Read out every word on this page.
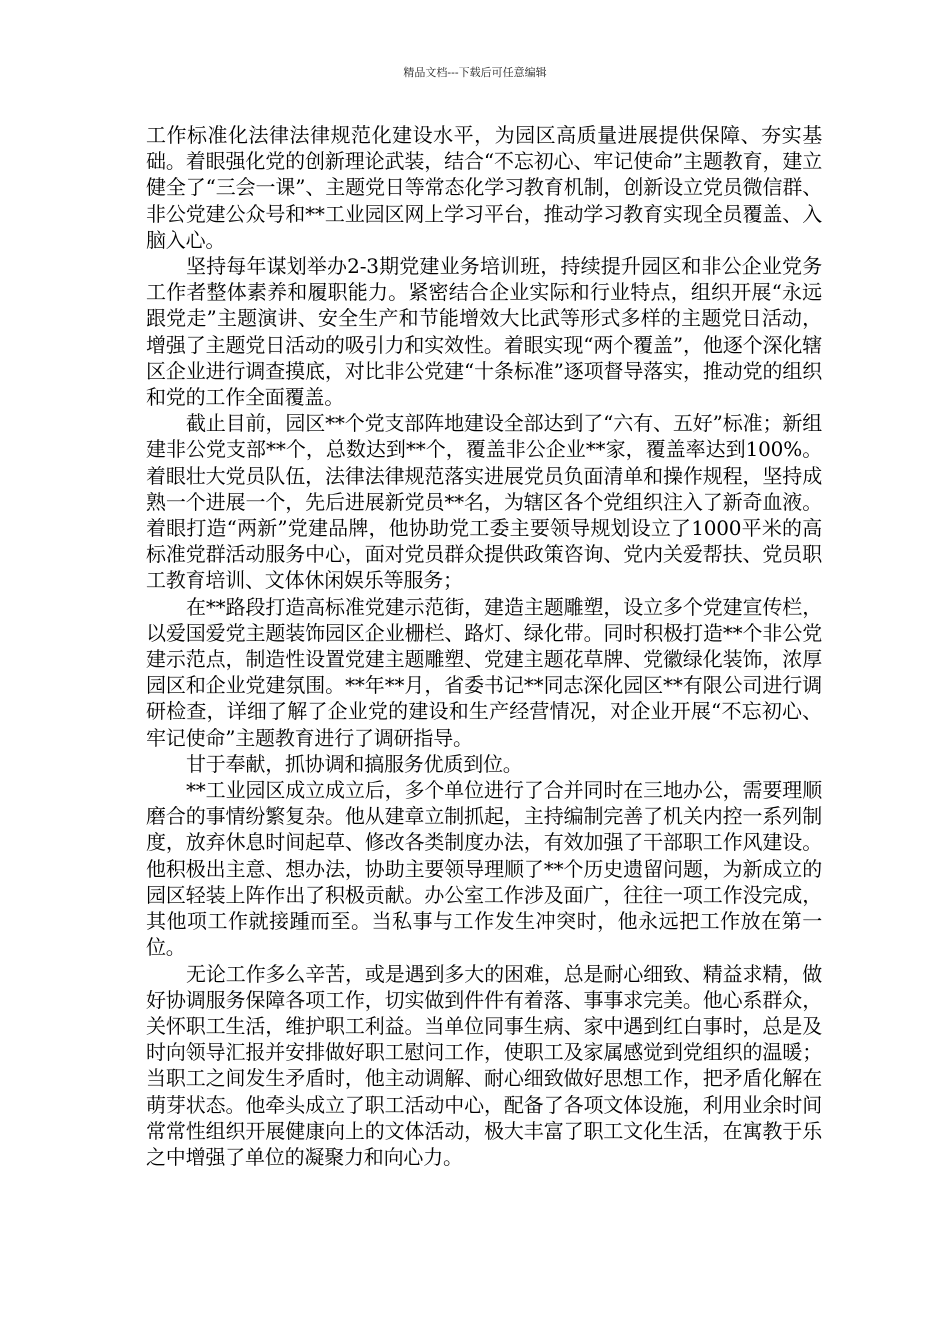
精品文档---下载后可任意编辑

工作标准化法律法律规范化建设水平，为园区高质量进展提供保障、夯实基础。着眼强化党的创新理论武装，结合“不忘初心、牢记使命”主题教育，建立健全了“三会一课”、主题党日等常态化学习教育机制，创新设立党员微信群、非公党建公众号和**工业园区网上学习平台，推动学习教育实现全员覆盖、入脑入心。

坚持每年谋划举办2-3期党建业务培训班，持续提升园区和非公企业党务工作者整体素养和履职能力。紧密结合企业实际和行业特点，组织开展“永远跟党走”主题演讲、安全生产和节能增效大比武等形式多样的主题党日活动，增强了主题党日活动的吸引力和实效性。着眼实现“两个覆盖”，他逐个深化辖区企业进行调查摸底，对比非公党建“十条标准”逐项督导落实，推动党的组织和党的工作全面覆盖。

截止目前，园区**个党支部阵地建设全部达到了“六有、五好”标准；新组建非公党支部**个，总数达到**个，覆盖非公企业**家，覆盖率达到100%。着眼壮大党员队伍，法律法律规范落实进展党员负面清单和操作规程，坚持成熟一个进展一个，先后进展新党员**名，为辖区各个党组织注入了新奇血液。着眼打造“两新”党建品牌，他协助党工委主要领导规划设立了1000平米的高标准党群活动服务中心，面对党员群众提供政策咨询、党内关爱帮扶、党员职工教育培训、文体休闲娱乐等服务；

在**路段打造高标准党建示范街，建造主题雕塑，设立多个党建宣传栏，以爱国爱党主题装饰园区企业栅栏、路灯、绿化带。同时积极打造**个非公党建示范点，制造性设置党建主题雕塑、党建主题花草牌、党徽绿化装饰，浓厚园区和企业党建氛围。**年**月，省委书记**同志深化园区**有限公司进行调研检查，详细了解了企业党的建设和生产经营情况，对企业开展“不忘初心、牢记使命”主题教育进行了调研指导。

甘于奉献，抓协调和搞服务优质到位。

**工业园区成立成立后，多个单位进行了合并同时在三地办公，需要理顺磨合的事情纷繁复杂。他从建章立制抓起，主持编制完善了机关内控一系列制度，放弃休息时间起草、修改各类制度办法，有效加强了干部职工作风建设。他积极出主意、想办法，协助主要领导理顺了**个历史遗留问题，为新成立的园区轻装上阵作出了积极贡献。办公室工作涉及面广，往往一项工作没完成，其他项工作就接踵而至。当私事与工作发生冲突时，他永远把工作放在第一位。

无论工作多么辛苦，或是遇到多大的困难，总是耐心细致、精益求精，做好协调服务保障各项工作，切实做到件件有着落、事事求完美。他心系群众，关怀职工生活，维护职工利益。当单位同事生病、家中遇到红白事时，总是及时向领导汇报并安排做好职工慰问工作，使职工及家属感觉到党组织的温暖；当职工之间发生矛盾时，他主动调解、耐心细致做好思想工作，把矛盾化解在萌芽状态。他牵头成立了职工活动中心，配备了各项文体设施，利用业余时间常常性组织开展健康向上的文体活动，极大丰富了职工文化生活，在寓教于乐之中增强了单位的凝聚力和向心力。
